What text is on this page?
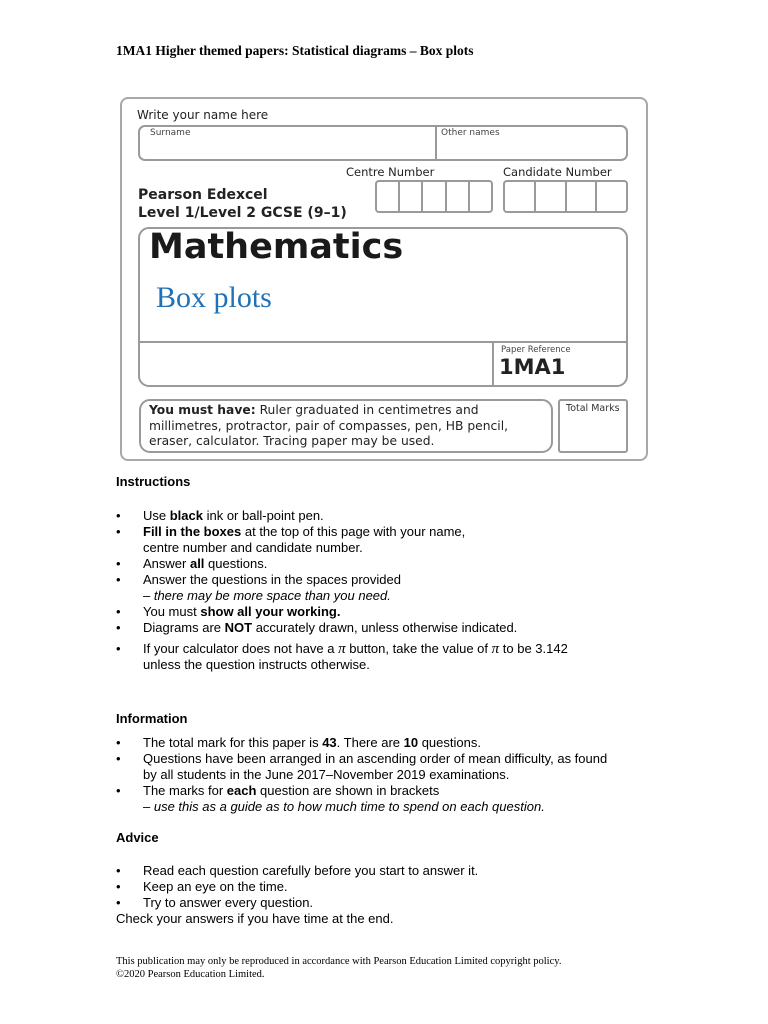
1MA1 Higher themed papers: Statistical diagrams – Box plots
Write your name here
Surname	Other names
Centre Number	Candidate Number
Pearson Edexcel
Level 1/Level 2 GCSE (9–1)
Mathematics
Box plots
Paper Reference
1MA1
You must have: Ruler graduated in centimetres and millimetres, protractor, pair of compasses, pen, HB pencil, eraser, calculator. Tracing paper may be used.
Total Marks
Instructions
• Use black ink or ball-point pen.
• Fill in the boxes at the top of this page with your name,
centre number and candidate number.
• Answer all questions.
• Answer the questions in the spaces provided
– there may be more space than you need.
• You must show all your working.
• Diagrams are NOT accurately drawn, unless otherwise indicated.
• If your calculator does not have a π button, take the value of π to be 3.142
unless the question instructs otherwise.
Information
• The total mark for this paper is 43. There are 10 questions.
• Questions have been arranged in an ascending order of mean difficulty, as found
by all students in the June 2017–November 2019 examinations.
• The marks for each question are shown in brackets
– use this as a guide as to how much time to spend on each question.
Advice
• Read each question carefully before you start to answer it.
• Keep an eye on the time.
• Try to answer every question.
Check your answers if you have time at the end.
This publication may only be reproduced in accordance with Pearson Education Limited copyright policy.
©2020 Pearson Education Limited.
